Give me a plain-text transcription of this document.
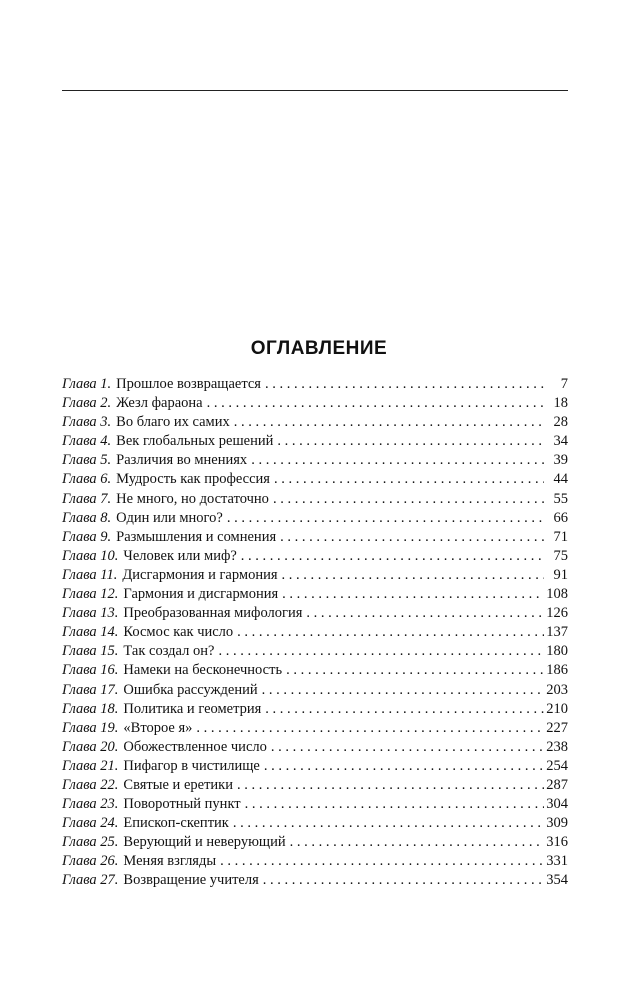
ОГЛАВЛЕНИЕ
Глава 1. Прошлое возвращается . . .	7
Глава 2. Жезл фараона . . .	18
Глава 3. Во благо их самих . . .	28
Глава 4. Век глобальных решений . . .	34
Глава 5. Различия во мнениях . . .	39
Глава 6. Мудрость как профессия . . .	44
Глава 7. Не много, но достаточно . . .	55
Глава 8. Один или много? . . .	66
Глава 9. Размышления и сомнения . . .	71
Глава 10. Человек или миф? . . .	75
Глава 11. Дисгармония и гармония . . .	91
Глава 12. Гармония и дисгармония . . .	108
Глава 13. Преобразованная мифология . . .	126
Глава 14. Космос как число . . .	137
Глава 15. Так создал он? . . .	180
Глава 16. Намеки на бесконечность . . .	186
Глава 17. Ошибка рассуждений . . .	203
Глава 18. Политика и геометрия . . .	210
Глава 19. «Второе я» . . .	227
Глава 20. Обожествленное число . . .	238
Глава 21. Пифагор в чистилище . . .	254
Глава 22. Святые и еретики . . .	287
Глава 23. Поворотный пункт . . .	304
Глава 24. Епископ-скептик . . .	309
Глава 25. Верующий и неверующий . . .	316
Глава 26. Меняя взгляды . . .	331
Глава 27. Возвращение учителя . . .	354
